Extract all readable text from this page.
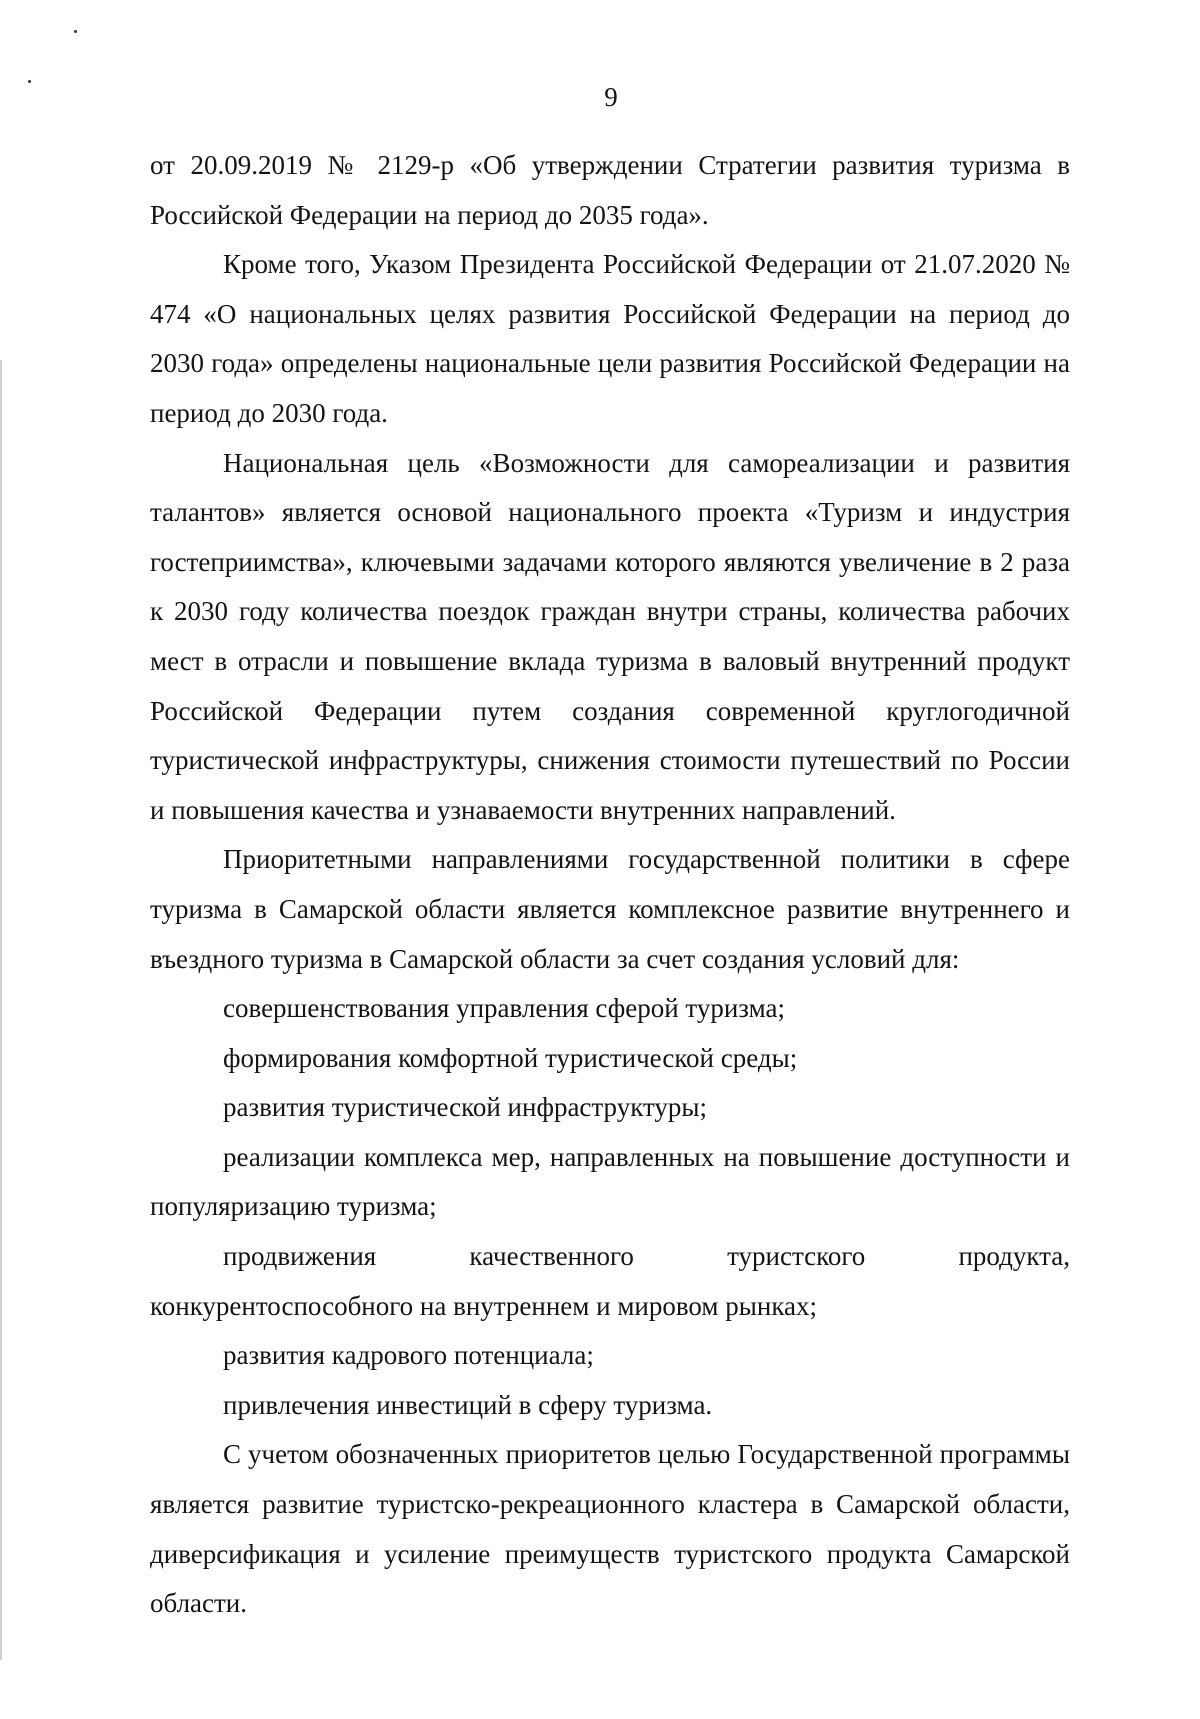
9

от 20.09.2019 № 2129-р «Об утверждении Стратегии развития туризма в Российской Федерации на период до 2035 года».

Кроме того, Указом Президента Российской Федерации от 21.07.2020 № 474 «О национальных целях развития Российской Федерации на период до 2030 года» определены национальные цели развития Российской Федерации на период до 2030 года.

Национальная цель «Возможности для самореализации и развития талантов» является основой национального проекта «Туризм и индустрия гостеприимства», ключевыми задачами которого являются увеличение в 2 раза к 2030 году количества поездок граждан внутри страны, количества рабочих мест в отрасли и повышение вклада туризма в валовый внутренний продукт Российской Федерации путем создания современной круглогодичной туристической инфраструктуры, снижения стоимости путешествий по России и повышения качества и узнаваемости внутренних направлений.

Приоритетными направлениями государственной политики в сфере туризма в Самарской области является комплексное развитие внутреннего и въездного туризма в Самарской области за счет создания условий для:

совершенствования управления сферой туризма;

формирования комфортной туристической среды;

развития туристической инфраструктуры;

реализации комплекса мер, направленных на повышение доступности и популяризацию туризма;

продвижения качественного туристского продукта, конкурентоспособного на внутреннем и мировом рынках;

развития кадрового потенциала;

привлечения инвестиций в сферу туризма.

С учетом обозначенных приоритетов целью Государственной программы является развитие туристско-рекреационного кластера в Самарской области, диверсификация и усиление преимуществ туристского продукта Самарской области.
